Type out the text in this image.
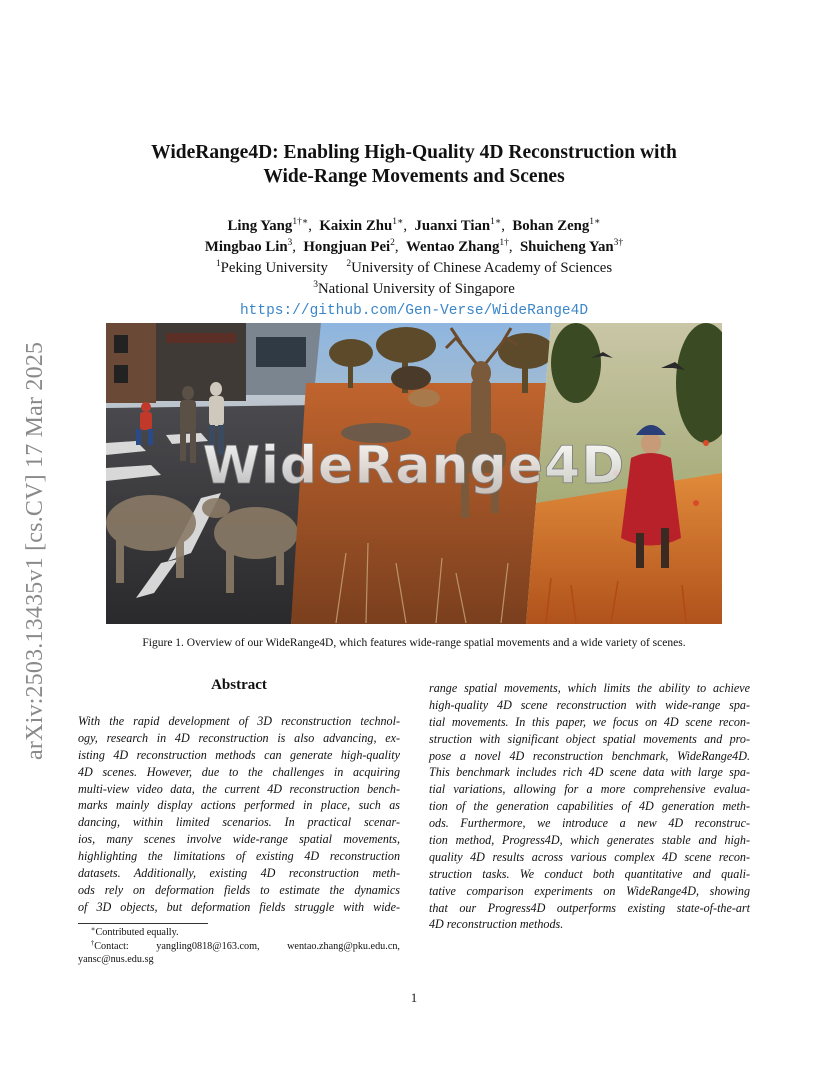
arXiv:2503.13435v1 [cs.CV] 17 Mar 2025
WideRange4D: Enabling High-Quality 4D Reconstruction with
Wide-Range Movements and Scenes
Ling Yang$^{1\dagger∗}$,  Kaixin Zhu$^{1∗}$,  Juanxi Tian$^{1∗}$,  Bohan Zeng$^{1∗}$
Mingbao Lin$^3$,  Hongjuan Pei$^2$,  Wentao Zhang$^{1\dagger}$,  Shuicheng Yan$^{3\dagger}$
$^1$Peking University $^2$University of Chinese Academy of Sciences
$^3$National University of Singapore
https://github.com/Gen-Verse/WideRange4D
WideRange4D
Figure 1. Overview of our WideRange4D, which features wide-range spatial movements and a wide variety of scenes.
Abstract
With the rapid development of 3D reconstruction technol-
ogy, research in 4D reconstruction is also advancing, ex-
isting 4D reconstruction methods can generate high-quality
4D scenes. However, due to the challenges in acquiring
multi-view video data, the current 4D reconstruction bench-
marks mainly display actions performed in place, such as
dancing, within limited scenarios. In practical scenar-
ios, many scenes involve wide-range spatial movements,
highlighting the limitations of existing 4D reconstruction
datasets. Additionally, existing 4D reconstruction meth-
ods rely on deformation fields to estimate the dynamics
of 3D objects, but deformation fields struggle with wide-
range spatial movements, which limits the ability to achieve
high-quality 4D scene reconstruction with wide-range spa-
tial movements. In this paper, we focus on 4D scene recon-
struction with significant object spatial movements and pro-
pose a novel 4D reconstruction benchmark, WideRange4D.
This benchmark includes rich 4D scene data with large spa-
tial variations, allowing for a more comprehensive evalua-
tion of the generation capabilities of 4D generation meth-
ods. Furthermore, we introduce a new 4D reconstruc-
tion method, Progress4D, which generates stable and high-
quality 4D results across various complex 4D scene recon-
struction tasks. We conduct both quantitative and quali-
tative comparison experiments on WideRange4D, showing
that our Progress4D outperforms existing state-of-the-art
4D reconstruction methods.
∗Contributed equally.
†Contact:	yangling0818@163.com,	wentao.zhang@pku.edu.cn,
yansc@nus.edu.sg
1
